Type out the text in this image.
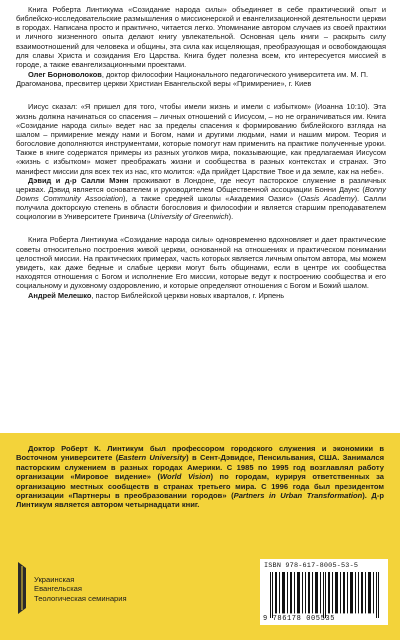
Книга Роберта Линтикума «Созидание народа силы» объединяет в себе практический опыт и библейско-исследовательские размышления о миссионерской и евангелизационной деятельности церкви в городах. Написана просто и практично, читается легко. Упоминание автором случаев из своей практики и личного жизненного опыта делают книгу увлекательной. Основная цель книги – раскрыть силу взаимоотношений для человека и общины, эта сила как исцеляющая, преобразующая и освобождающая для славы Христа и созидания Его Царства. Книга будет полезна всем, кто интересуется миссией в городе, а также евангелизационными проектами.

Олег Борноволоков, доктор философии Национального педагогического университета им. М. П. Драгоманова, пресвитер церкви Христиан Евангельской веры «Примирение», г. Киев

Иисус сказал: «Я пришел для того, чтобы имели жизнь и имели с избытком» (Иоанна 10:10). Эта жизнь должна начинаться со спасения – личных отношений с Иисусом, – но не ограничиваться им. Книга «Созидание народа силы» ведет нас за пределы спасения к формированию библейского взгляда на шалом – примирение между нами и Богом, нами и другими людьми, нами и нашим миром. Теория и богословие дополняются инструментами, которые помогут нам применить на практике полученные уроки. Также в книге содержатся примеры из разных уголков мира, показывающие, как предлагаемая Иисусом «жизнь с избытком» может преображать жизни и сообщества в разных контекстах и странах. Это манифест миссии для всех тех из нас, кто молится: «Да прийдет Царствие Твое и да земле, как на небе».

Дэвид и д-р Салли Мэнн проживают в Лондоне, где несут пасторское служение в различных церквах. Дэвид является основателем и руководителем Общественной ассоциации Бонни Даунс (Bonny Downs Community Association), а также средней школы «Академия Оазис» (Oasis Academy). Салли получила докторскую степень в области богословия и философии и является старшим преподавателем социологии в Университете Гринвича (University of Greenwich).

Книга Роберта Линтикума «Созидание народа силы» одновременно вдохновляет и дает практические советы относительно построения живой церкви, основанной на отношениях и практическом понимании целостной миссии. На практических примерах, часть которых является личным опытом автора, мы можем увидеть, как даже бедные и слабые церкви могут быть общинами, если в центре их сообщества находятся отношения с Богом и исполнение Его миссии, которые ведут к построению сообщества и его социальному и духовному оздоровлению, и которые определяют отношения с Богом и Божий шалом.

Андрей Мелешко, пастор Библейской церкви новых кварталов, г. Ирпень

Доктор Роберт К. Линтикум был профессором городского служения и экономики в Восточном университете (Eastern University) в Сент-Дэвидсе, Пенсильвания, США. Занимался пасторским служением в разных городах Америки. С 1985 по 1995 год возглавлял работу организации «Мировое видение» (World Vision) по городам, курируя ответственных за организацию местных сообществ в странах третьего мира. С 1996 года был президентом организации «Партнеры в преобразовании городов» (Partners in Urban Transformation). Д-р Линтикум является автором четырнадцати книг.

Украинская
Евангельская
Теологическая семинария
ISBN 978-617-8005-53-5
9 786178 005535
